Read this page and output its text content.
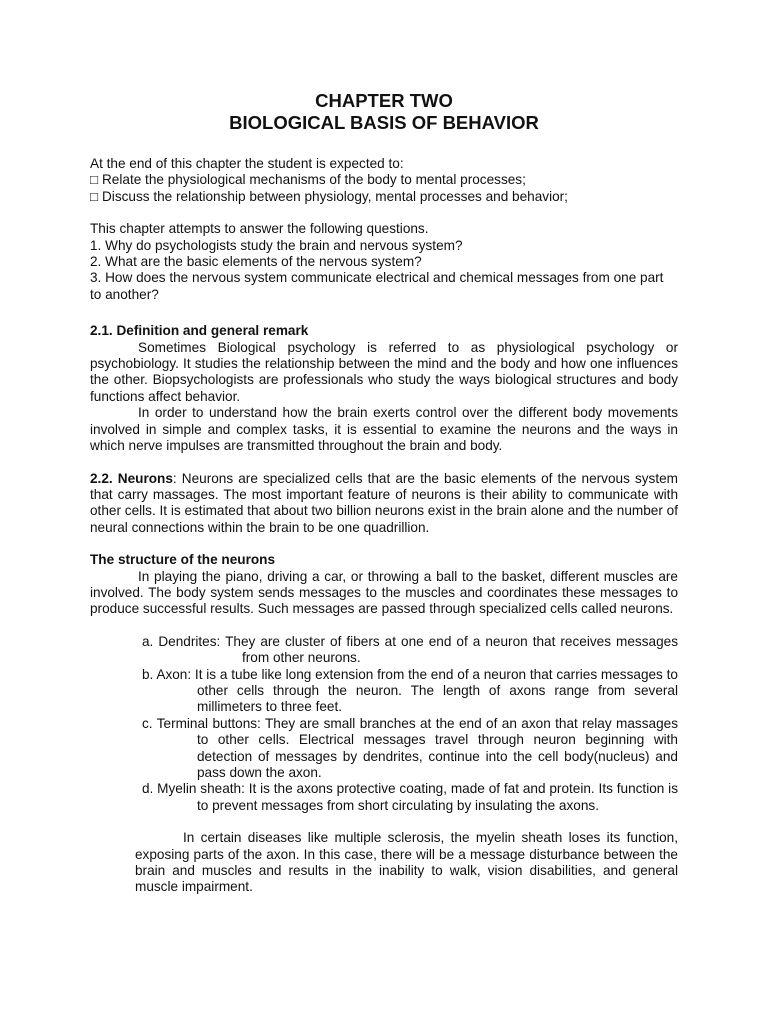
CHAPTER TWO

BIOLOGICAL BASIS OF BEHAVIOR

At the end of this chapter the student is expected to:

□ Relate the physiological mechanisms of the body to mental processes;

□ Discuss the relationship between physiology, mental processes and behavior;

This chapter attempts to answer the following questions.

1. Why do psychologists study the brain and nervous system?

2. What are the basic elements of the nervous system?

3. How does the nervous system communicate electrical and chemical messages from one part to another?

2.1. Definition and general remark

Sometimes Biological psychology is referred to as physiological psychology or psychobiology. It studies the relationship between the mind and the body and how one influences the other. Biopsychologists are professionals who study the ways biological structures and body functions affect behavior.

In order to understand how the brain exerts control over the different body movements involved in simple and complex tasks, it is essential to examine the neurons and the ways in which nerve impulses are transmitted throughout the brain and body.

2.2. Neurons: Neurons are specialized cells that are the basic elements of the nervous system that carry massages. The most important feature of neurons is their ability to communicate with other cells. It is estimated that about two billion neurons exist in the brain alone and the number of neural connections within the brain to be one quadrillion.

The structure of the neurons

In playing the piano, driving a car, or throwing a ball to the basket, different muscles are involved. The body system sends messages to the muscles and coordinates these messages to produce successful results. Such messages are passed through specialized cells called neurons.

a. Dendrites: They are cluster of fibers at one end of a neuron that receives messages from other neurons.

b. Axon: It is a tube like long extension from the end of a neuron that carries messages to other cells through the neuron. The length of axons range from several millimeters to three feet.

c. Terminal buttons: They are small branches at the end of an axon that relay massages to other cells. Electrical messages travel through neuron beginning with detection of messages by dendrites, continue into the cell body(nucleus) and pass down the axon.

d. Myelin sheath: It is the axons protective coating, made of fat and protein. Its function is to prevent messages from short circulating by insulating the axons.

In certain diseases like multiple sclerosis, the myelin sheath loses its function, exposing parts of the axon. In this case, there will be a message disturbance between the brain and muscles and results in the inability to walk, vision disabilities, and general muscle impairment.
